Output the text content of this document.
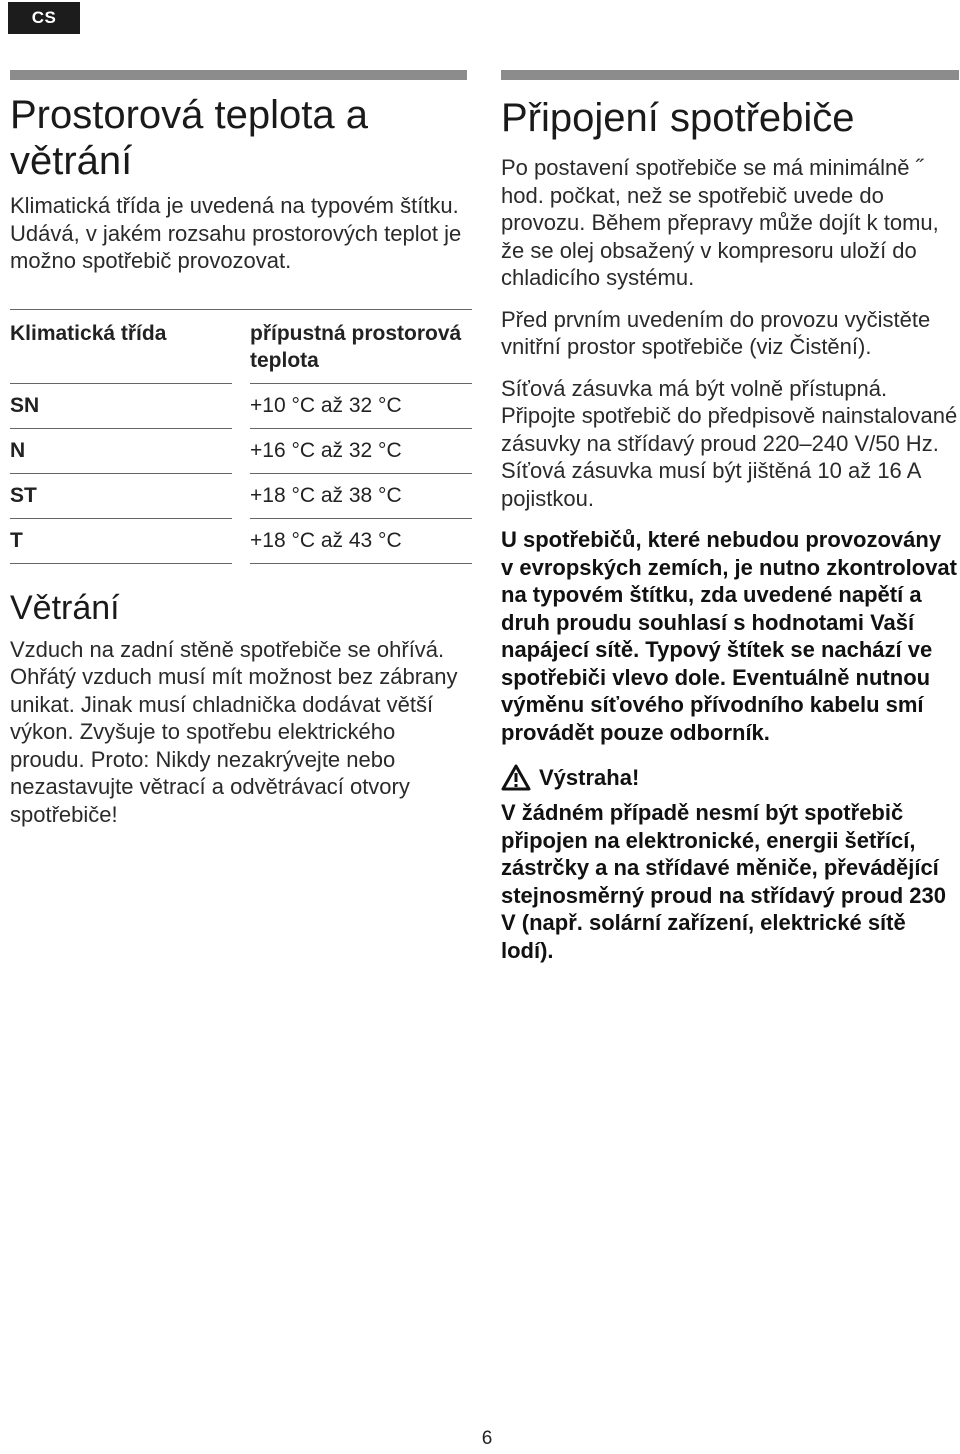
CS
Prostorová teplota a větrání

Klimatická třída je uvedená na typovém štítku. Udává, v jakém rozsahu prostorových teplot je možno spotřebič provozovat.

Klimatická třída		přípustná prostorová teplota
SN		+10 °C až 32 °C
N		+16 °C až 32 °C
ST		+18 °C až 38 °C
T		+18 °C až 43 °C
Větrání

Vzduch na zadní stěně spotřebiče se ohřívá. Ohřátý vzduch musí mít možnost bez zábrany unikat. Jinak musí chladnička dodávat větší výkon. Zvyšuje to spotřebu elektrického proudu. Proto: Nikdy nezakrývejte nebo nezastavujte větrací a odvětrávací otvory spotřebiče!

Připojení spotřebiče

Po postavení spotřebiče se má minimálně ˝ hod. počkat, než se spotřebič uvede do provozu. Během přepravy může dojít k tomu, že se olej obsažený v kompresoru uloží do chladicího systému.

Před prvním uvedením do provozu vyčistěte vnitřní prostor spotřebiče (viz Čistění).

Síťová zásuvka má být volně přístupná. Připojte spotřebič do předpisově nainstalované zásuvky na střídavý proud 220–240 V/50 Hz. Síťová zásuvka musí být jištěná 10 až 16 A pojistkou.

U spotřebičů, které nebudou provozovány v evropských zemích, je nutno zkontrolovat na typovém štítku, zda uvedené napětí a druh proudu souhlasí s hodnotami Vaší napájecí sítě. Typový štítek se nachází ve spotřebiči vlevo dole. Eventuálně nutnou výměnu síťového přívodního kabelu smí provádět pouze odborník.

Výstraha!

V žádném případě nesmí být spotřebič připojen na elektronické, energii šetřící, zástrčky a na střídavé měniče, převádějící stejnosměrný proud na střídavý proud 230 V (např. solární zařízení, elektrické sítě lodí).

6
